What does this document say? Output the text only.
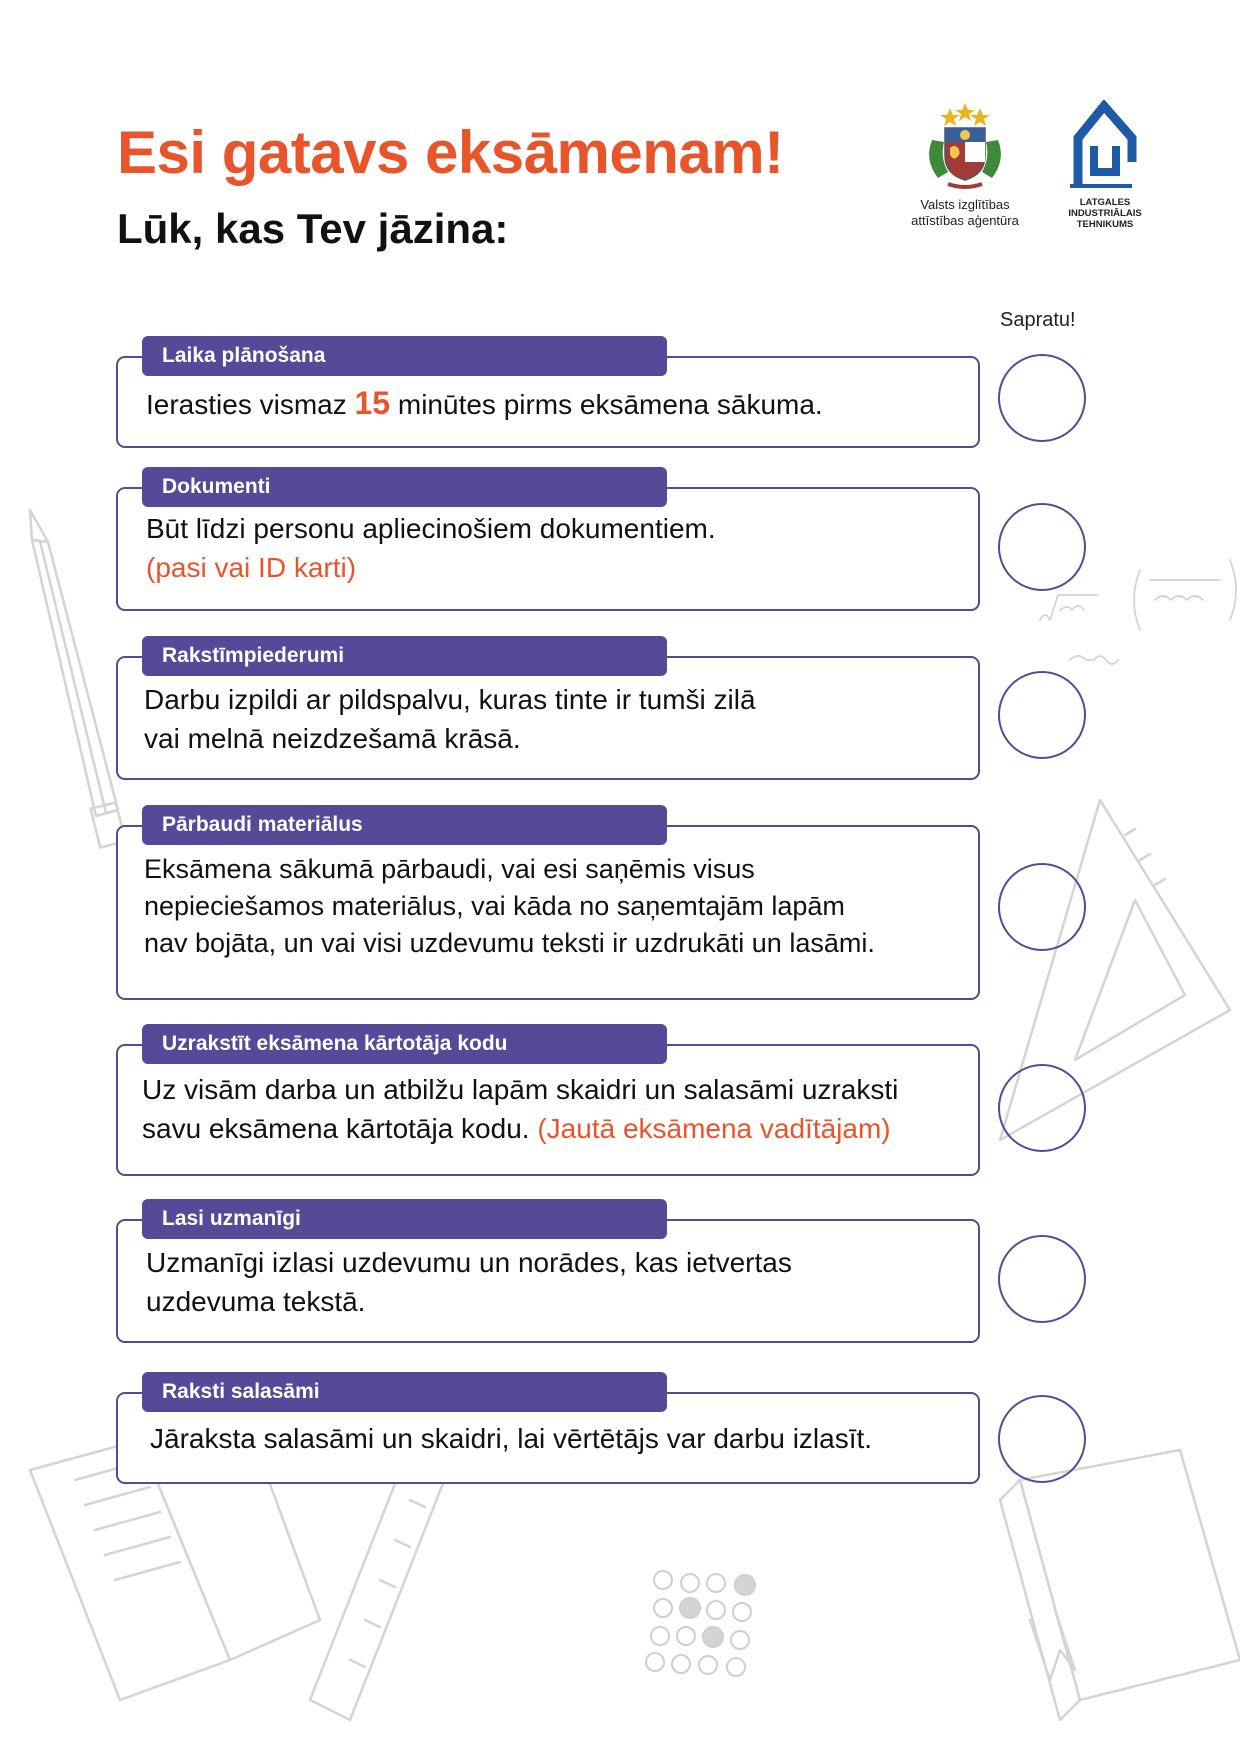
Esi gatavs eksāmenam!
Lūk, kas Tev jāzina:
Valsts izglītības
attīstības aģentūra
LATGALES
INDUSTRIĀLAIS
TEHNIKUMS
Sapratu!
Laika plānošana
Ierasties vismaz 15 minūtes pirms eksāmena sākuma.
Dokumenti
Būt līdzi personu apliecinošiem dokumentiem.
(pasi vai ID karti)
Rakstīmpiederumi
Darbu izpildi ar pildspalvu, kuras tinte ir tumši zilā
vai melnā neizdzešamā krāsā.
Pārbaudi materiālus
Eksāmena sākumā pārbaudi, vai esi saņēmis visus
nepieciešamos materiālus, vai kāda no saņemtajām lapām
nav bojāta, un vai visi uzdevumu teksti ir uzdrukāti un lasāmi.
Uzrakstīt eksāmena kārtotāja kodu
Uz visām darba un atbilžu lapām skaidri un salasāmi uzraksti
savu eksāmena kārtotāja kodu. (Jautā eksāmena vadītājam)
Lasi uzmanīgi
Uzmanīgi izlasi uzdevumu un norādes, kas ietvertas
uzdevuma tekstā.
Raksti salasāmi
Jāraksta salasāmi un skaidri, lai vērtētājs var darbu izlasīt.
